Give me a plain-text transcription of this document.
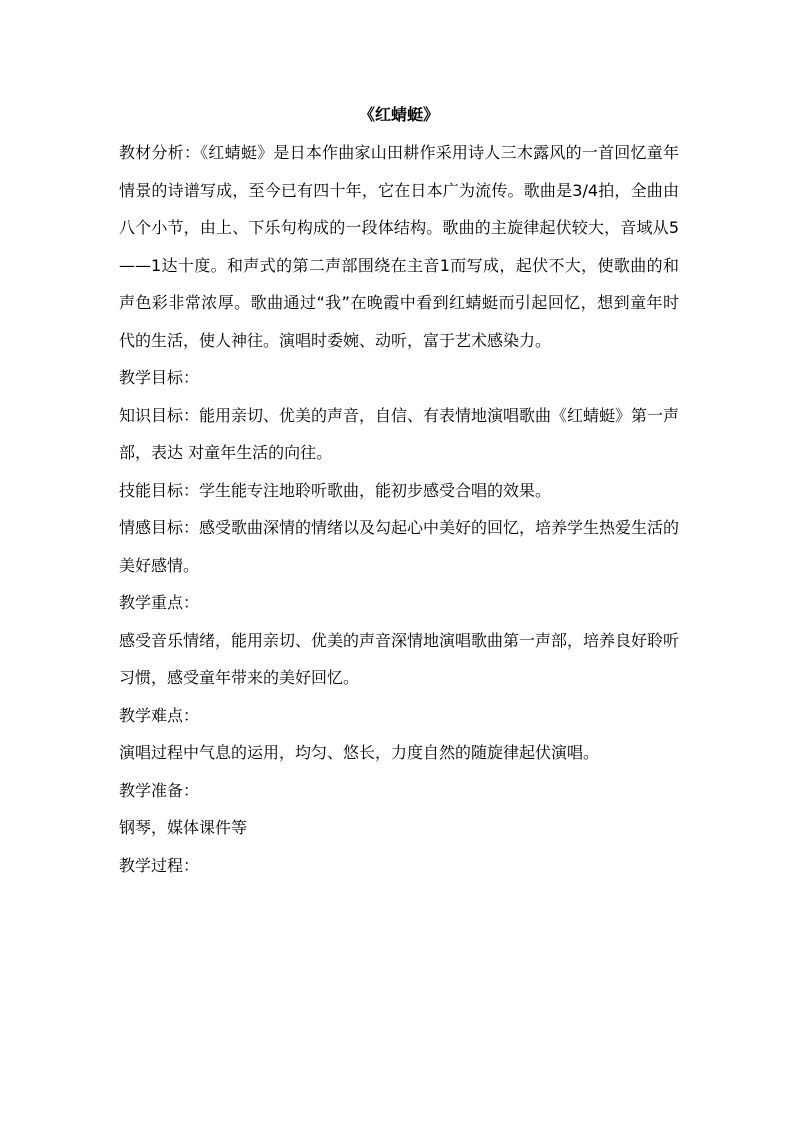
《红蜻蜓》

教材分析：《红蜻蜓》是日本作曲家山田耕作采用诗人三木露风的一首回忆童年情景的诗谱写成，至今已有四十年，它在日本广为流传。歌曲是3/4拍，全曲由八个小节，由上、下乐句构成的一段体结构。歌曲的主旋律起伏较大，音域从5——1达十度。和声式的第二声部围绕在主音1而写成，起伏不大，使歌曲的和声色彩非常浓厚。歌曲通过“我”在晚霞中看到红蜻蜓而引起回忆，想到童年时代的生活，使人神往。演唱时委婉、动听，富于艺术感染力。

教学目标：

知识目标：能用亲切、优美的声音，自信、有表情地演唱歌曲《红蜻蜓》第一声部，表达 对童年生活的向往。

技能目标：学生能专注地聆听歌曲，能初步感受合唱的效果。

情感目标：感受歌曲深情的情绪以及勾起心中美好的回忆，培养学生热爱生活的美好感情。

教学重点：

感受音乐情绪，能用亲切、优美的声音深情地演唱歌曲第一声部，培养良好聆听习惯，感受童年带来的美好回忆。

教学难点：

演唱过程中气息的运用，均匀、悠长，力度自然的随旋律起伏演唱。

教学准备：

钢琴，媒体课件等

教学过程：
